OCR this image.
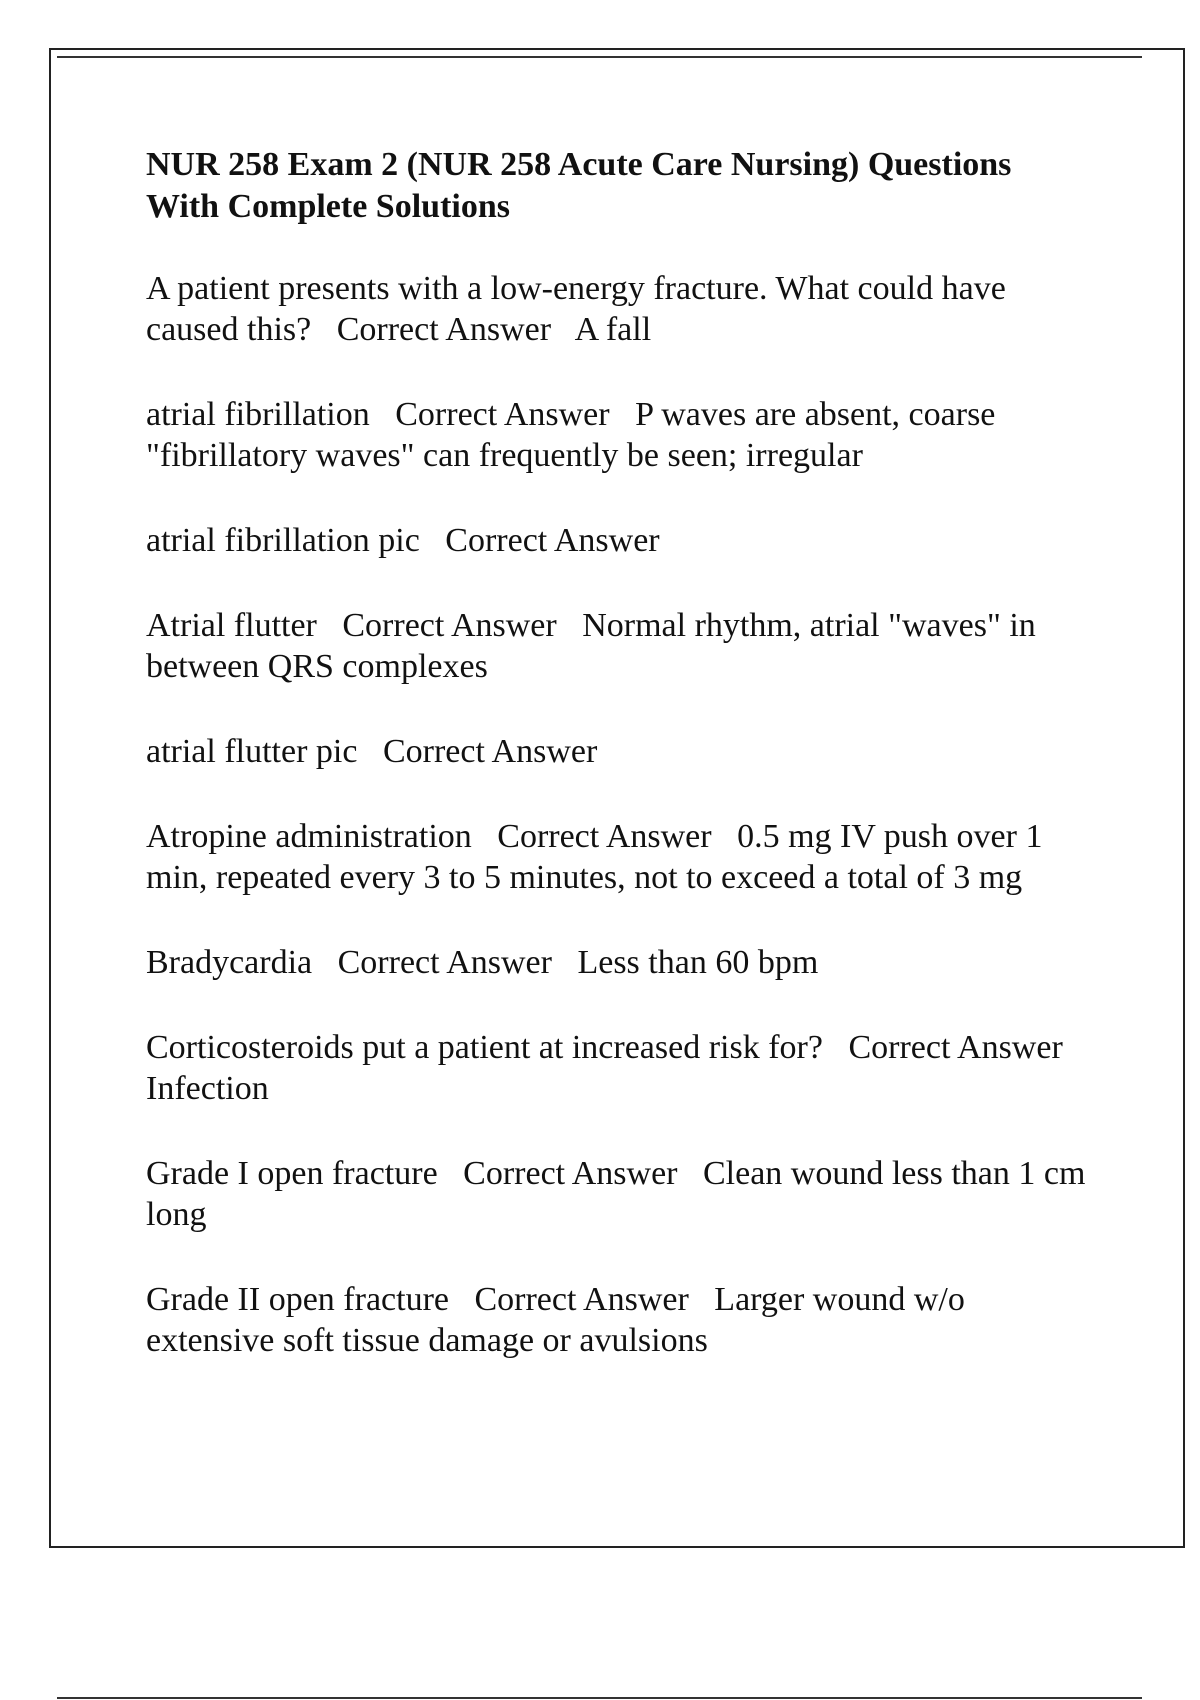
NUR 258 Exam 2 (NUR 258 Acute Care Nursing) Questions With Complete Solutions

A patient presents with a low-energy fracture. What could have caused this?   Correct Answer   A fall

atrial fibrillation   Correct Answer   P waves are absent, coarse "fibrillatory waves" can frequently be seen; irregular

atrial fibrillation pic   Correct Answer

Atrial flutter   Correct Answer   Normal rhythm, atrial "waves" in between QRS complexes

atrial flutter pic   Correct Answer

Atropine administration   Correct Answer   0.5 mg IV push over 1 min, repeated every 3 to 5 minutes, not to exceed a total of 3 mg

Bradycardia   Correct Answer   Less than 60 bpm

Corticosteroids put a patient at increased risk for?   Correct Answer   Infection

Grade I open fracture   Correct Answer   Clean wound less than 1 cm long

Grade II open fracture   Correct Answer   Larger wound w/o extensive soft tissue damage or avulsions
